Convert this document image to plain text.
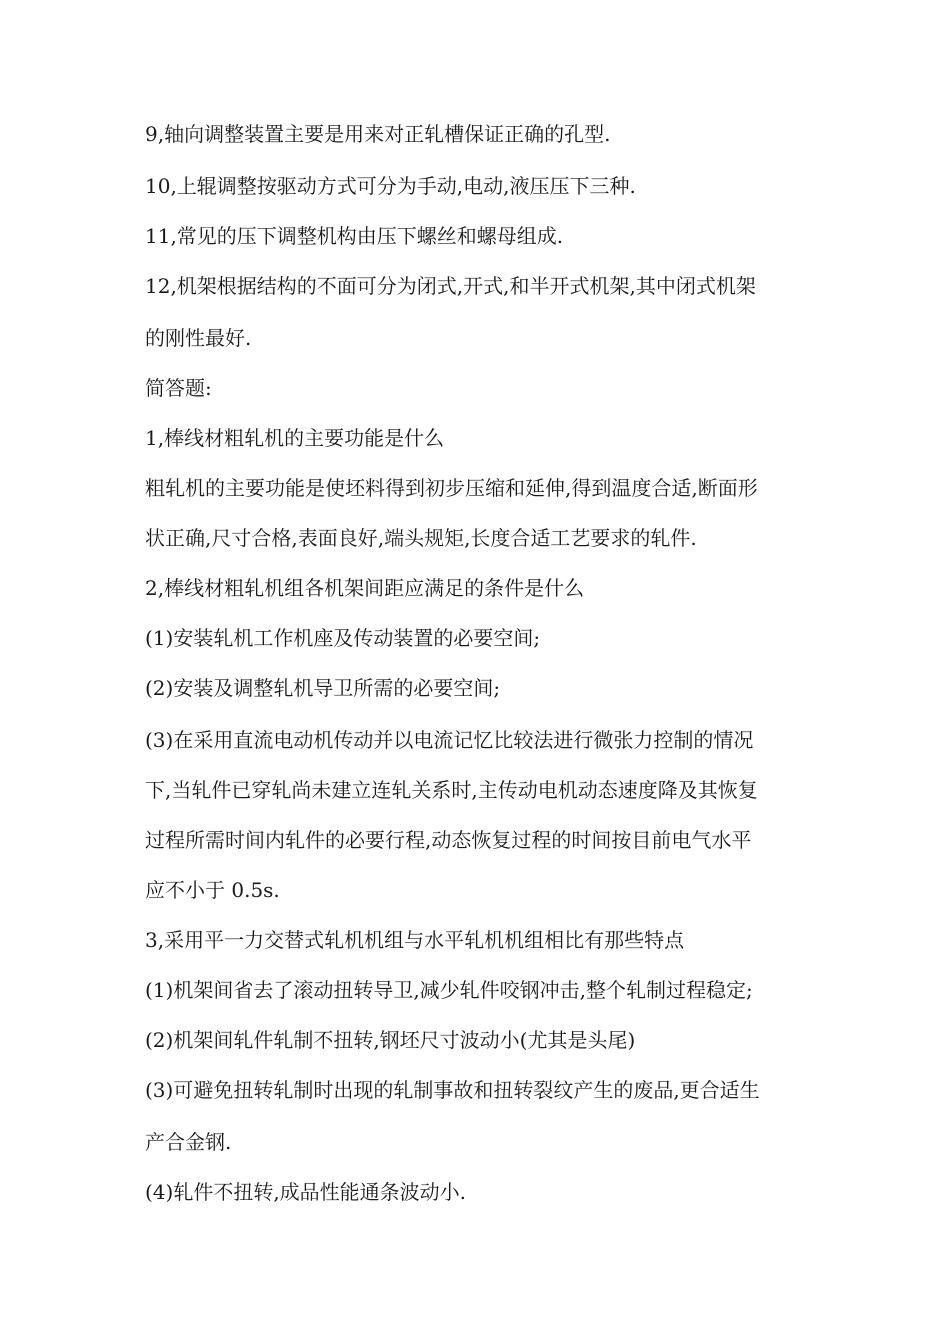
9,轴向调整装置主要是用来对正轧槽保证正确的孔型.
10,上辊调整按驱动方式可分为手动,电动,液压压下三种.
11,常见的压下调整机构由压下螺丝和螺母组成.
12,机架根据结构的不面可分为闭式,开式,和半开式机架,其中闭式机架
的刚性最好.
简答题:
1,棒线材粗轧机的主要功能是什么
粗轧机的主要功能是使坯料得到初步压缩和延伸,得到温度合适,断面形
状正确,尺寸合格,表面良好,端头规矩,长度合适工艺要求的轧件.
2,棒线材粗轧机组各机架间距应满足的条件是什么
(1)安装轧机工作机座及传动装置的必要空间;
(2)安装及调整轧机导卫所需的必要空间;
(3)在采用直流电动机传动并以电流记忆比较法进行微张力控制的情况
下,当轧件已穿轧尚未建立连轧关系时,主传动电机动态速度降及其恢复
过程所需时间内轧件的必要行程,动态恢复过程的时间按目前电气水平
应不小于 0.5s.
3,采用平一力交替式轧机机组与水平轧机机组相比有那些特点
(1)机架间省去了滚动扭转导卫,减少轧件咬钢冲击,整个轧制过程稳定;
(2)机架间轧件轧制不扭转,钢坯尺寸波动小(尤其是头尾)
(3)可避免扭转轧制时出现的轧制事故和扭转裂纹产生的废品,更合适生
产合金钢.
(4)轧件不扭转,成品性能通条波动小.
